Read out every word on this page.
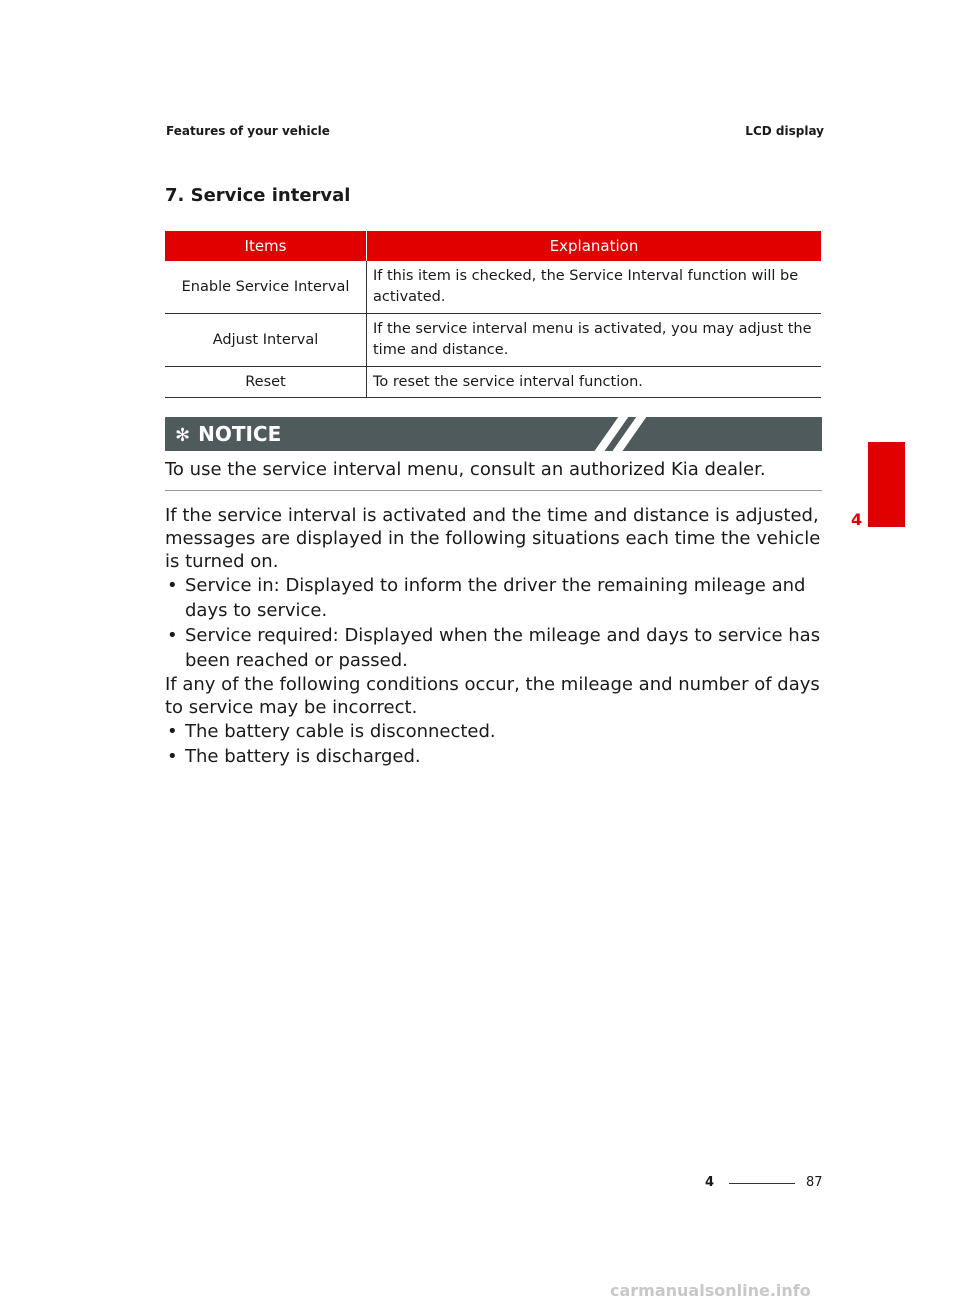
Features of your vehicle	LCD display
7. Service interval
Items	Explanation
Enable Service Interval	If this item is checked, the Service Interval function will be activated.
Adjust Interval	If the service interval menu is activated, you may adjust the time and distance.
Reset	To reset the service interval function.
✻ NOTICE
To use the service interval menu, consult an authorized Kia dealer.

If the service interval is activated and the time and distance is adjusted, messages are displayed in the following situations each time the vehicle is turned on.

• Service in: Displayed to inform the driver the remaining mileage and days to service.
• Service required: Displayed when the mileage and days to service has been reached or passed.

If any of the following conditions occur, the mileage and number of days to service may be incorrect.

• The battery cable is disconnected.
• The battery is discharged.
4
4	87
carmanualsonline.info
